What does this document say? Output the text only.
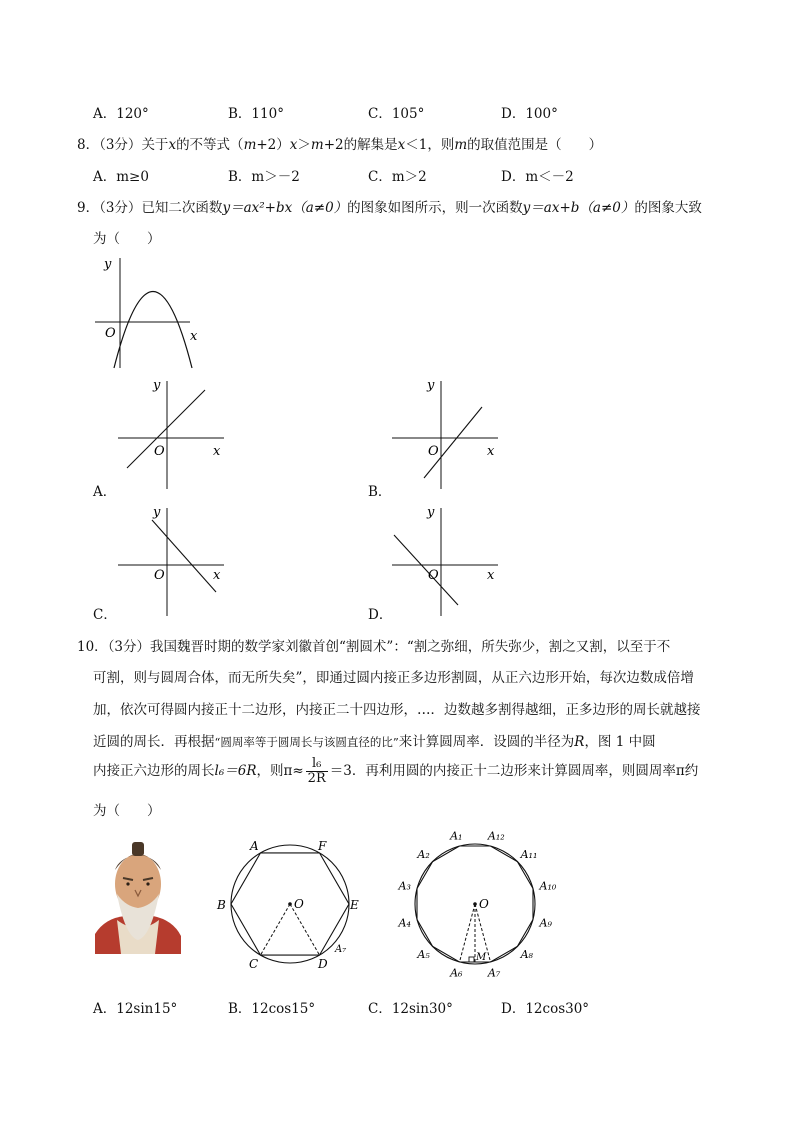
A．120°	B．110°	C．105°	D．100°
8．（3分）关于x的不等式（m+2）x＞m+2的解集是x＜1，则m的取值范围是（　　）
A．m≥0	B．m＞－2	C．m＞2	D．m＜－2
9．（3分）已知二次函数y＝ax²+bx（a≠0）的图象如图所示，则一次函数y＝ax+b（a≠0）的图象大致
为（　　）
y
x
O
y
x
O
A．
y
x
O
B．
y
x
O
C．
y
x
O
D．
10．（3分）我国魏晋时期的数学家刘徽首创“割圆术”：“割之弥细，所失弥少，割之又割，以至于不
可割，则与圆周合体，而无所失矣”，即通过圆内接正多边形割圆，从正六边形开始，每次边数成倍增
加，依次可得圆内接正十二边形，内接正二十四边形，…．边数越多割得越细，正多边形的周长就越接
近圆的周长．再根据“圆周率等于圆周长与该圆直径的比”来计算圆周率．设圆的半径为R，图 1 中圆
内接正六边形的周长l₆＝6R，则$\pi\approx \frac{\text{l₆}}{2R} =3$．再利用圆的内接正十二边形来计算圆周率，则圆周率π约
为（　　）
A	F
B	E
C	D
O
A₇
A₁ A₁₂
A₂	A₁₁
A₃	A₁₀
A₄	A₉
A₅	A₈
A₆ A₇
O
M
A．12sin15°	B．12cos15°	C．12sin30°	D．12cos30°
